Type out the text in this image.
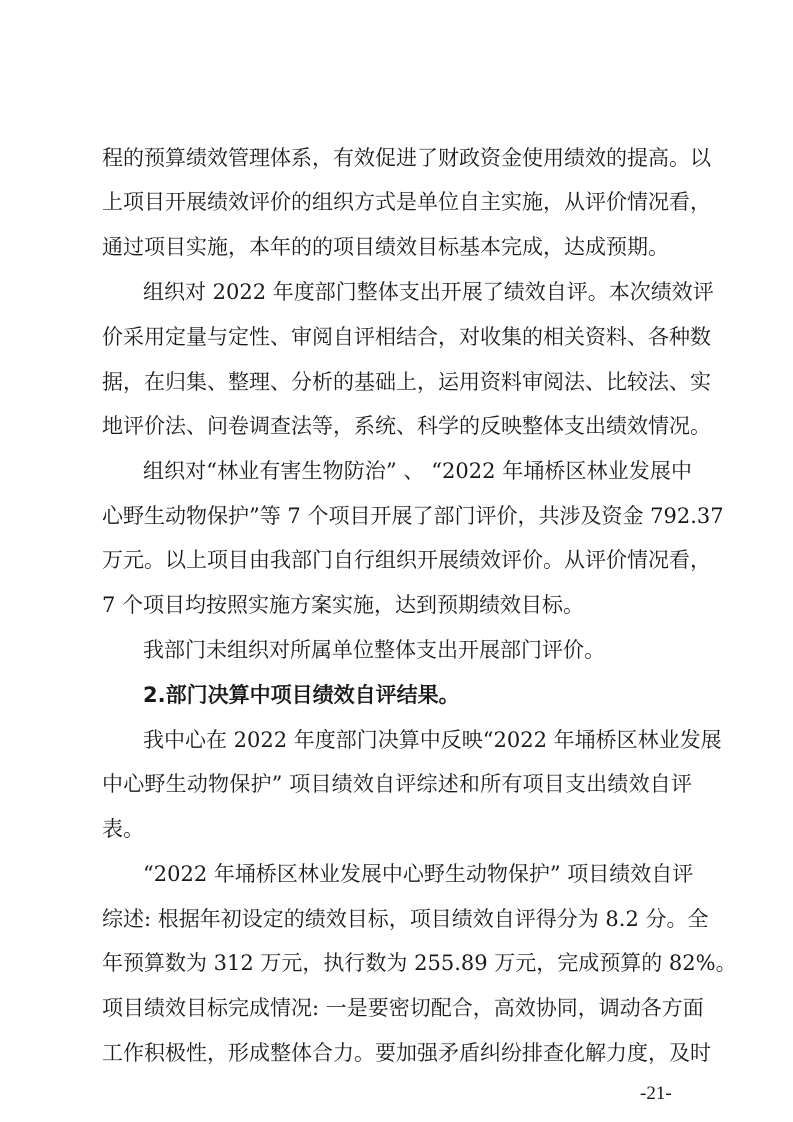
程的预算绩效管理体系，有效促进了财政资金使用绩效的提高。以
上项目开展绩效评价的组织方式是单位自主实施，从评价情况看，
通过项目实施，本年的的项目绩效目标基本完成，达成预期。
组织对 2022 年度部门整体支出开展了绩效自评。本次绩效评
价采用定量与定性、审阅自评相结合，对收集的相关资料、各种数
据，在归集、整理、分析的基础上，运用资料审阅法、比较法、实
地评价法、问卷调查法等，系统、科学的反映整体支出绩效情况。
组织对“林业有害生物防治” 、 “2022 年埇桥区林业发展中
心野生动物保护”等 7 个项目开展了部门评价，共涉及资金 792.37
万元。以上项目由我部门自行组织开展绩效评价。从评价情况看，
7 个项目均按照实施方案实施，达到预期绩效目标。
我部门未组织对所属单位整体支出开展部门评价。
2.部门决算中项目绩效自评结果。
我中心在 2022 年度部门决算中反映“2022 年埇桥区林业发展
中心野生动物保护” 项目绩效自评综述和所有项目支出绩效自评
表。
“2022 年埇桥区林业发展中心野生动物保护” 项目绩效自评
综述: 根据年初设定的绩效目标，项目绩效自评得分为 8.2 分。全
年预算数为 312 万元，执行数为 255.89 万元，完成预算的 82%。
项目绩效目标完成情况: 一是要密切配合，高效协同，调动各方面
工作积极性，形成整体合力。要加强矛盾纠纷排查化解力度，及时
-21-
